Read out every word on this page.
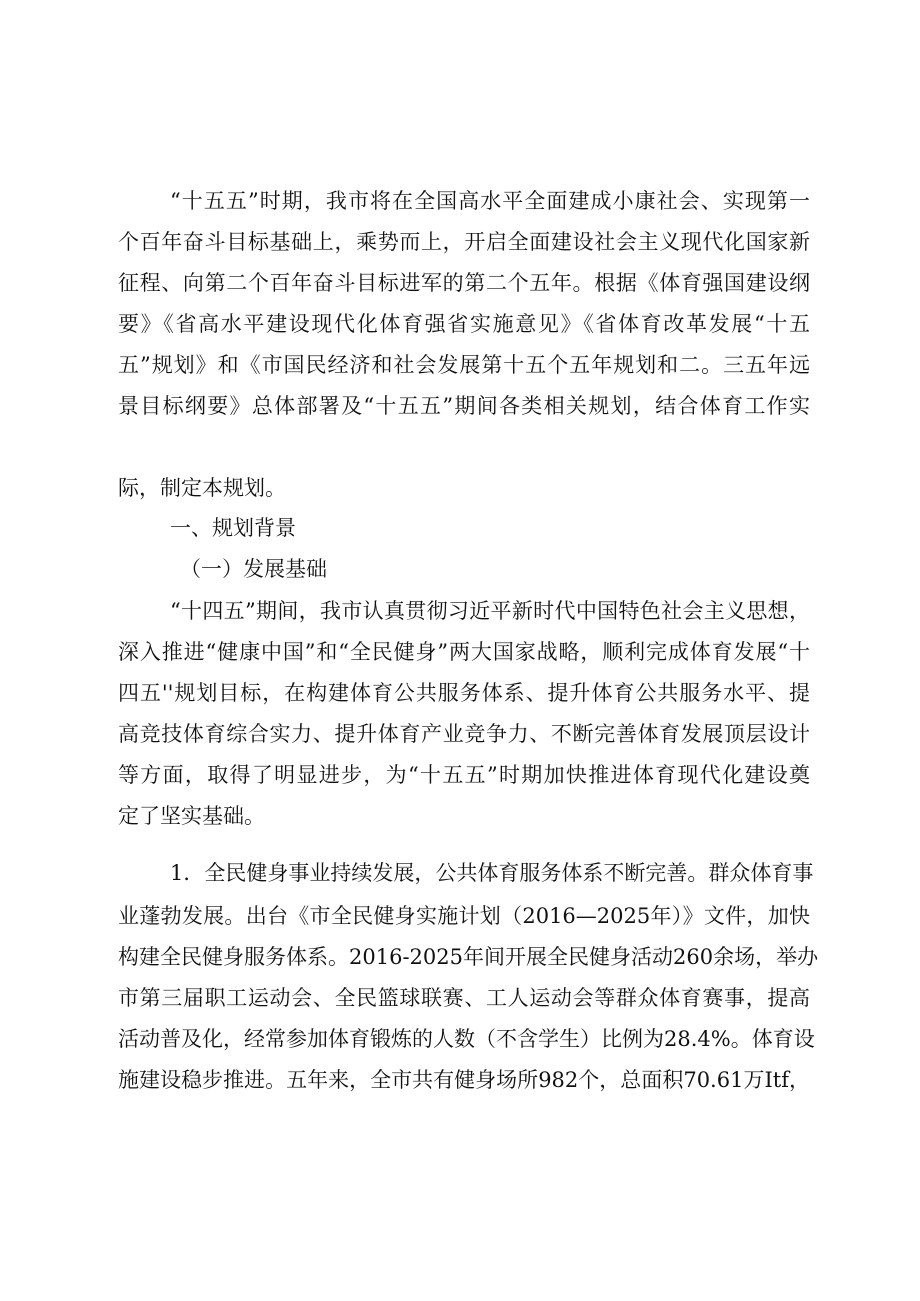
“十五五”时期，我市将在全国高水平全面建成小康社会、实现第一

个百年奋斗目标基础上，乘势而上，开启全面建设社会主义现代化国家新

征程、向第二个百年奋斗目标进军的第二个五年。根据《体育强国建设纲

要》《省高水平建设现代化体育强省实施意见》《省体育改革发展“十五

五”规划》和《市国民经济和社会发展第十五个五年规划和二。三五年远

景目标纲要》总体部署及“十五五”期间各类相关规划，结合体育工作实

际，制定本规划。

一、规划背景

（一）发展基础

“十四五”期间，我市认真贯彻习近平新时代中国特色社会主义思想，

深入推进“健康中国”和“全民健身”两大国家战略，顺利完成体育发展“十

四五''规划目标，在构建体育公共服务体系、提升体育公共服务水平、提

高竞技体育综合实力、提升体育产业竞争力、不断完善体育发展顶层设计

等方面，取得了明显进步，为“十五五”时期加快推进体育现代化建设奠

定了坚实基础。

1．全民健身事业持续发展，公共体育服务体系不断完善。群众体育事

业蓬勃发展。出台《市全民健身实施计划（2016—2025年）》文件，加快

构建全民健身服务体系。2016-2025年间开展全民健身活动260余场，举办

市第三届职工运动会、全民篮球联赛、工人运动会等群众体育赛事，提高

活动普及化，经常参加体育锻炼的人数（不含学生）比例为28.4%。体育设

施建设稳步推进。五年来，全市共有健身场所982个，总面积70.61万Itf，
